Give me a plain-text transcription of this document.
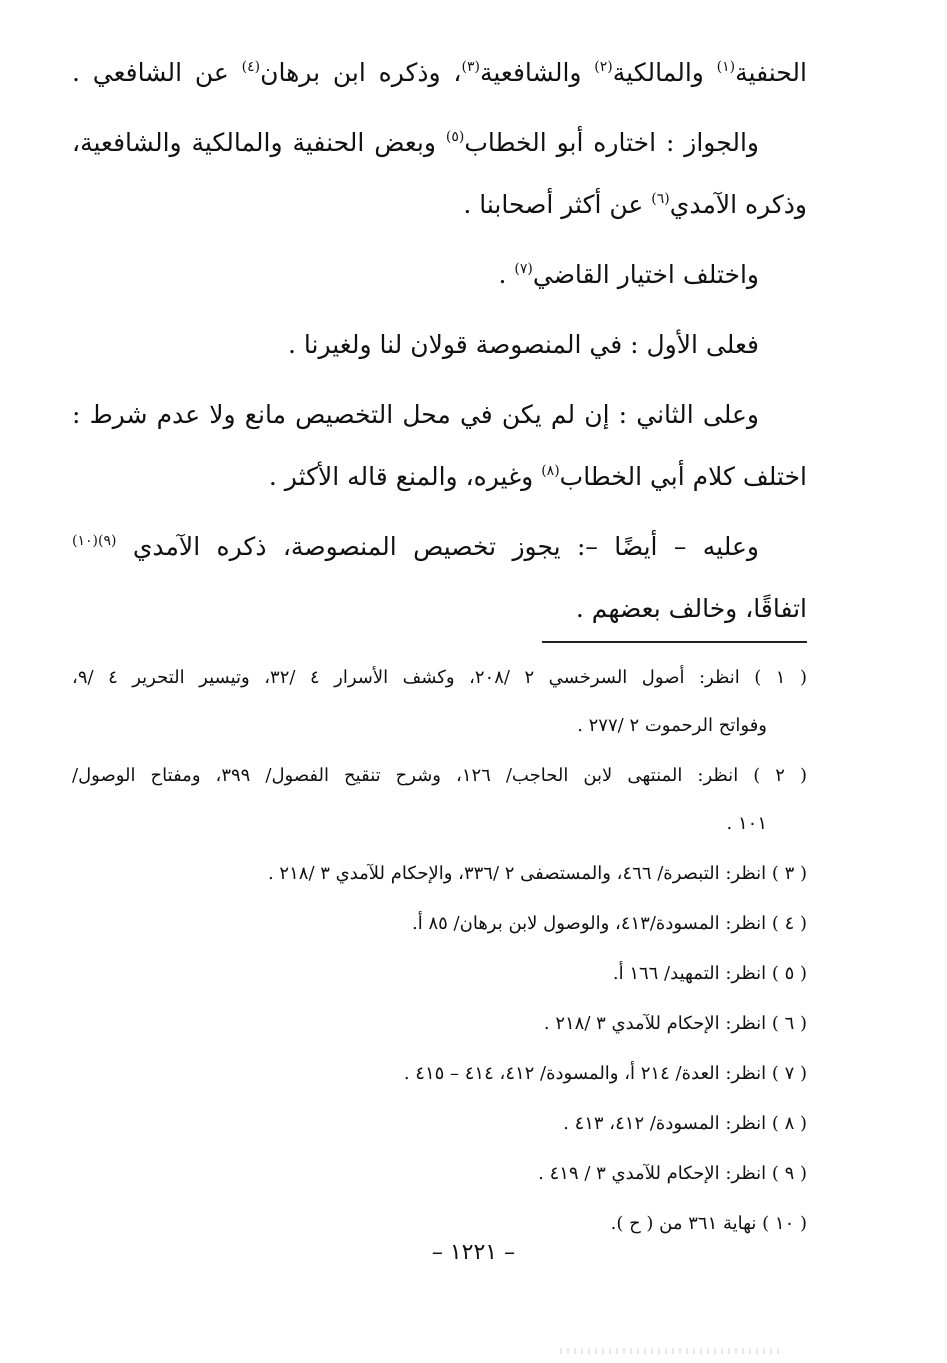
الحنفية$^{(١)}$ والمالكية$^{(٢)}$ والشافعية$^{(٣)}$، وذكره ابن برهان$^{(٤)}$ عن الشافعي .
والجواز : اختاره أبو الخطاب$^{(٥)}$ وبعض الحنفية والمالكية والشافعية،
وذكره الآمدي$^{(٦)}$ عن أكثر أصحابنا .
واختلف اختيار القاضي$^{(٧)}$ .
فعلى الأول : في المنصوصة قولان لنا ولغيرنا .
وعلى الثاني : إن لم يكن في محل التخصيص مانع ولا عدم شرط :
اختلف كلام أبي الخطاب$^{(٨)}$ وغيره، والمنع قاله الأكثر .
وعليه – أيضًا –: يجوز تخصيص المنصوصة، ذكره الآمدي $^{(٩)(١٠)}$
اتفاقًا، وخالف بعضهم .
( ١ ) انظر: أصول السرخسي ٢ /٢٠٨، وكشف الأسرار ٤ /٣٢، وتيسير التحرير ٤ /٩،
وفواتح الرحموت ٢ /٢٧٧ .
( ٢ ) انظر: المنتهى لابن الحاجب/ ١٢٦، وشرح تنقيح الفصول/ ٣٩٩، ومفتاح الوصول/
١٠١ .
( ٣ ) انظر: التبصرة/ ٤٦٦، والمستصفى ٢ /٣٣٦، والإحكام للآمدي ٣ /٢١٨ .
( ٤ ) انظر: المسودة/٤١٣، والوصول لابن برهان/ ٨٥ أ.
( ٥ ) انظر: التمهيد/ ١٦٦ أ.
( ٦ ) انظر: الإحكام للآمدي ٣ /٢١٨ .
( ٧ ) انظر: العدة/ ٢١٤ أ، والمسودة/ ٤١٢، ٤١٤ – ٤١٥ .
( ٨ ) انظر: المسودة/ ٤١٢، ٤١٣ .
( ٩ ) انظر: الإحكام للآمدي ٣ / ٤١٩ .
( ١٠ ) نهاية ٣٦١ من ( ح ).
– ١٢٢١ –
